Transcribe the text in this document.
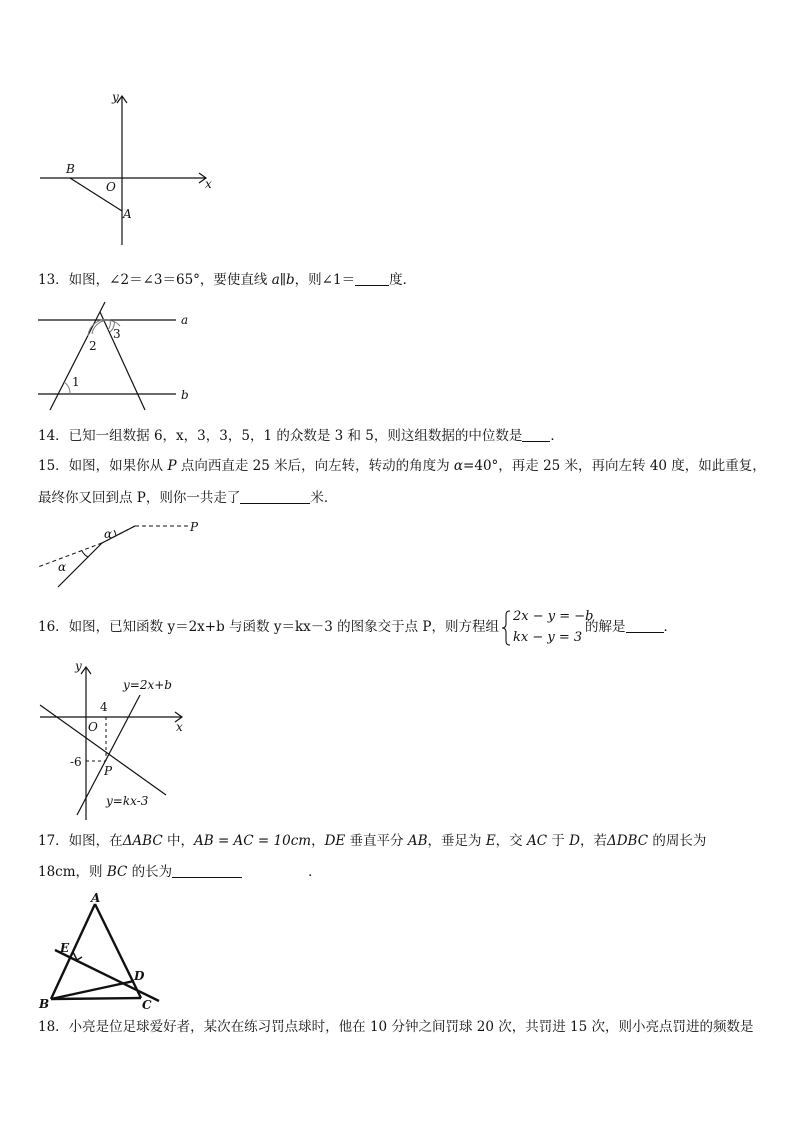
y
x
O
B
A
13．如图，∠2＝∠3＝65°，要使直线 a∥b，则∠1＝	度．
a
b
1
2
3
14．已知一组数据 6，x，3，3，5，1 的众数是 3 和 5，则这组数据的中位数是 ．
15．如图，如果你从 P 点向西直走 25 米后，向左转，转动的角度为 α=40°，再走 25 米，再向左转 40 度，如此重复，
最终你又回到点 P，则你一共走了	米．
P
α
α
16．如图，已知函数 y＝2x+b 与函数 y＝kx－3 的图象交于点 P，则方程组
2x − y = −b
kx − y = 3
的解是	．
y
x
O
y=2x+b
y=kx-3
4
-6
P
17．如图，在ΔABC 中，AB = AC = 10cm，DE 垂直平分 AB，垂足为 E，交 AC 于 D，若ΔDBC 的周长为
18cm，则 BC 的长为	．
A
B	C
D
E
18．小亮是位足球爱好者，某次在练习罚点球时，他在 10 分钟之间罚球 20 次，共罚进 15 次，则小亮点罚进的频数是
